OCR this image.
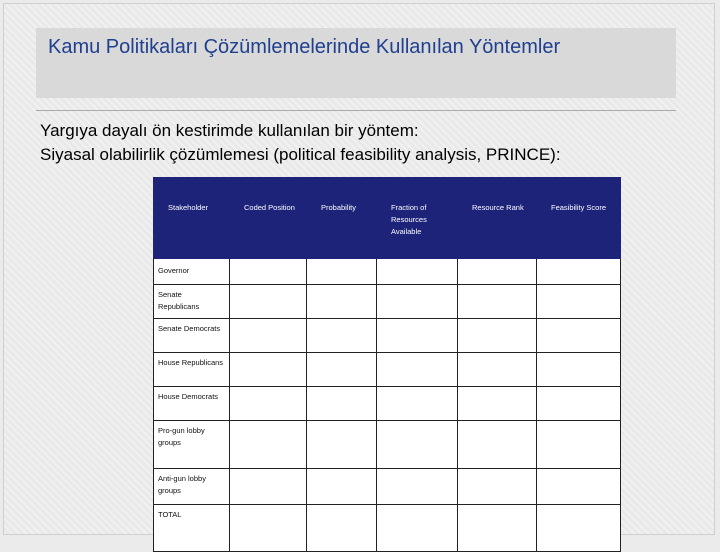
Kamu Politikaları Çözümlemelerinde Kullanılan Yöntemler
Yargıya dayalı ön kestirimde kullanılan bir yöntem:
Siyasal olabilirlik çözümlemesi (political feasibility analysis, PRINCE):
Stakeholder	Coded Position	Probability	Fraction of Resources Available	Resource Rank	Feasibility Score
Governor					
Senate Republicans					
Senate Democrats					
House Republicans					
House Democrats					
Pro-gun lobby groups					
Anti-gun lobby groups					
TOTAL					
